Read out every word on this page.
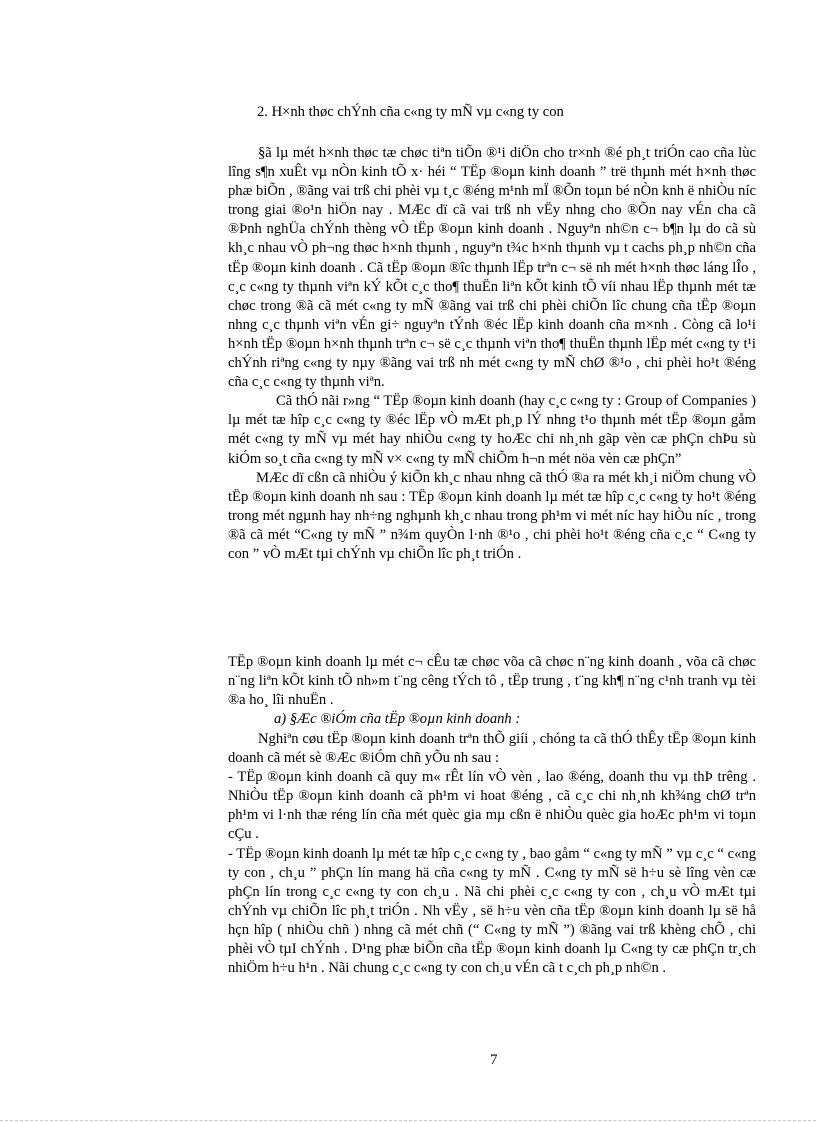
2. H×nh thøc chÝnh cña c«ng ty mÑ vµ c«ng ty con

§ã lµ mét h×nh thøc tæ chøc tiªn tiÕn ®¹i diÖn cho tr×nh ®é ph¸t triÓn cao cña lùc lîng s¶n xuÊt vµ nÒn kinh tÕ x· héi “ TËp ®oµn kinh doanh ” trë thµnh mét h×nh thøc phæ biÕn , ®ãng vai trß chi phèi vµ t¸c ®éng m¹nh mÏ ®Õn toµn bé nÒn knh ë nhiÒu níc trong giai ®o¹n hiÖn nay . MÆc dï cã vai trß nh vËy nhng cho ®Õn nay vÉn cha cã ®Þnh nghÜa chÝnh thèng vÒ tËp ®oµn kinh doanh . Nguyªn nh©n c¬ b¶n lµ do cã sù kh¸c nhau vÒ ph¬ng thøc h×nh thµnh , nguyªn t¾c h×nh thµnh vµ t cachs ph¸p nh©n cña tËp ®oµn kinh doanh . Cã tËp ®oµn ®îc thµnh lËp trªn c¬ së nh mét h×nh thøc láng lÎo , c¸c c«ng ty thµnh viªn kÝ kÕt c¸c tho¶ thuËn liªn kÕt kinh tÕ víi nhau lËp thµnh mét tæ chøc trong ®ã cã mét c«ng ty mÑ ®ãng vai trß chi phèi chiÕn lîc chung cña tËp ®oµn nhng c¸c thµnh viªn vÉn gi÷ nguyªn tÝnh ®éc lËp kinh doanh cña m×nh . Còng cã lo¹i h×nh tËp ®oµn h×nh thµnh trªn c¬ së c¸c thµnh viªn tho¶ thuËn thµnh lËp mét c«ng ty t¹i chÝnh riªng c«ng ty nµy ®ãng vai trß nh mét c«ng ty mÑ chØ ®¹o , chi phèi ho¹t ®éng cña c¸c c«ng ty thµnh viªn.

Cã thÓ nãi r»ng “ TËp ®oµn kinh doanh (hay c¸c c«ng ty : Group of Companies ) lµ mét tæ hîp c¸c c«ng ty ®éc lËp vÒ mÆt ph¸p lÝ nhng t¹o thµnh mét tËp ®oµn gåm mét c«ng ty mÑ vµ mét hay nhiÒu c«ng ty hoÆc chi nh¸nh gãp vèn cæ phÇn chÞu sù kiÓm so¸t cña c«ng ty mÑ v× c«ng ty mÑ chiÕm h¬n mét nöa vèn cæ phÇn”

MÆc dï cßn cã nhiÒu ý kiÕn kh¸c nhau nhng cã thÓ ®a ra mét kh¸i niÖm chung vÒ tËp ®oµn kinh doanh nh sau : TËp ®oµn kinh doanh lµ mét tæ hîp c¸c c«ng ty ho¹t ®éng trong mét ngµnh hay nh÷ng nghµnh kh¸c nhau trong ph¹m vi mét níc hay hiÒu níc , trong ®ã cã mét “C«ng ty mÑ ” n¾m quyÒn l·nh ®¹o , chi phèi ho¹t ®éng cña c¸c “ C«ng ty con ” vÒ mÆt tµi chÝnh vµ chiÕn lîc ph¸t triÓn .

TËp ®oµn kinh doanh lµ mét c¬ cÊu tæ chøc võa cã chøc n¨ng kinh doanh , võa cã chøc n¨ng liªn kÕt kinh tÕ nh»m t¨ng cêng tÝch tô , tËp trung , t¨ng kh¶ n¨ng c¹nh tranh vµ tèi ®a ho¸ lîi nhuËn .

a) §Æc ®iÓm cña tËp ®oµn kinh doanh :

Nghiªn cøu tËp ®oµn kinh doanh trªn thÕ giíi , chóng ta cã thÓ thÊy tËp ®oµn kinh doanh cã mét sè ®Æc ®iÓm chñ yÕu nh sau :

- TËp ®oµn kinh doanh cã quy m« rÊt lín vÒ vèn , lao ®éng, doanh thu vµ thÞ trêng . NhiÒu tËp ®oµn kinh doanh cã ph¹m vi hoat ®éng , cã c¸c chi nh¸nh kh¾ng chØ trªn ph¹m vi l·nh thæ réng lín cña mét quèc gia mµ cßn ë nhiÒu quèc gia hoÆc ph¹m vi toµn cÇu .

- TËp ®oµn kinh doanh lµ mét tæ hîp c¸c c«ng ty , bao gåm “ c«ng ty mÑ ” vµ c¸c “ c«ng ty con , ch¸u ” phÇn lín mang hä cña c«ng ty mÑ . C«ng ty mÑ së h÷u sè lîng vèn cæ phÇn lín trong c¸c c«ng ty con ch¸u . Nã chi phèi c¸c c«ng ty con , ch¸u vÒ mÆt tµi chÝnh vµ chiÕn lîc ph¸t triÓn . Nh vËy , së h÷u vèn cña tËp ®oµn kinh doanh lµ së hå hçn hîp ( nhiÒu chñ ) nhng cã mét chñ (“ C«ng ty mÑ ”) ®ãng vai trß khèng chÕ , chi phèi vÒ tµI chÝnh . D¹ng phæ biÕn cña tËp ®oµn kinh doanh lµ C«ng ty cæ phÇn tr¸ch nhiÖm h÷u h¹n . Nãi chung c¸c c«ng ty con ch¸u vÉn cã t c¸ch ph¸p nh©n .

7
